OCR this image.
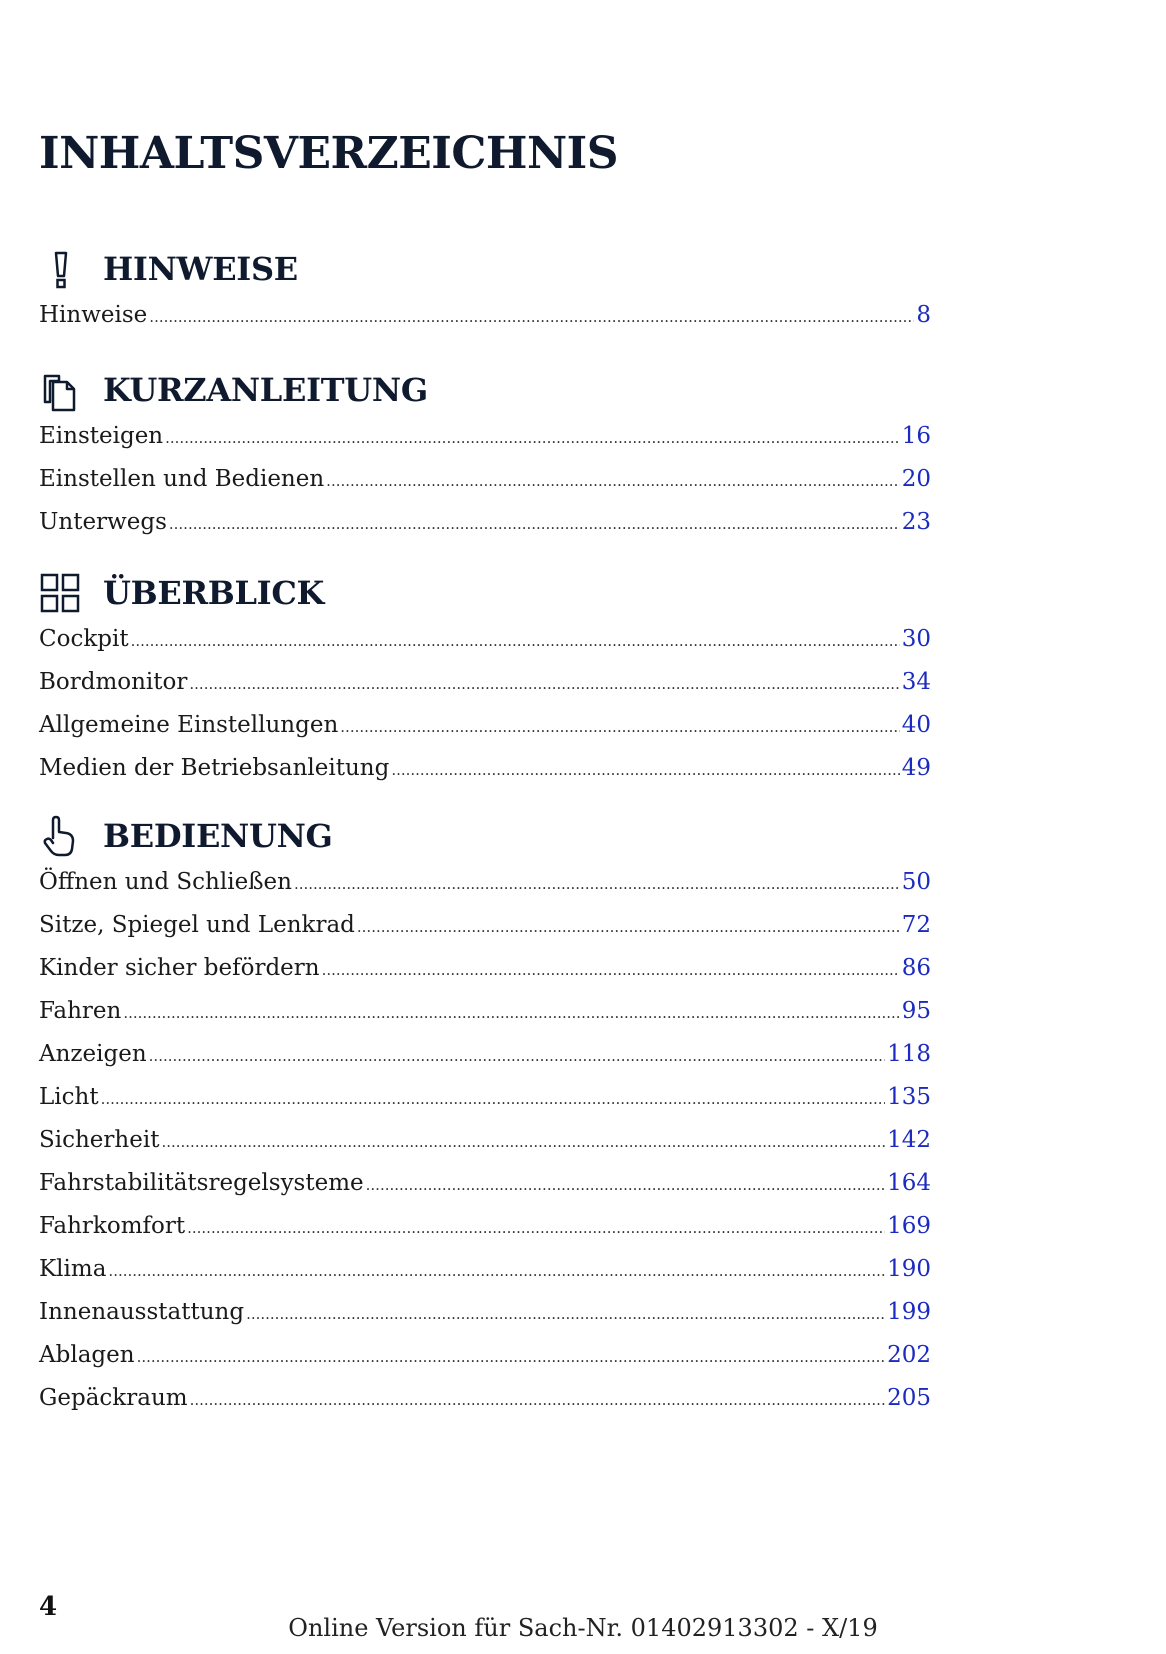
INHALTSVERZEICHNIS
HINWEISE
Hinweise .....	8
KURZANLEITUNG
Einsteigen .....	16
Einstellen und Bedienen .....	20
Unterwegs .....	23
ÜBERBLICK
Cockpit .....	30
Bordmonitor .....	34
Allgemeine Einstellungen .....	40
Medien der Betriebsanleitung .....	49
BEDIENUNG
Öffnen und Schließen .....	50
Sitze, Spiegel und Lenkrad .....	72
Kinder sicher befördern .....	86
Fahren .....	95
Anzeigen .....	118
Licht .....	135
Sicherheit .....	142
Fahrstabilitätsregelsysteme .....	164
Fahrkomfort .....	169
Klima .....	190
Innenausstattung .....	199
Ablagen .....	202
Gepäckraum .....	205
4
Online Version für Sach-Nr. 01402913302 - X/19
